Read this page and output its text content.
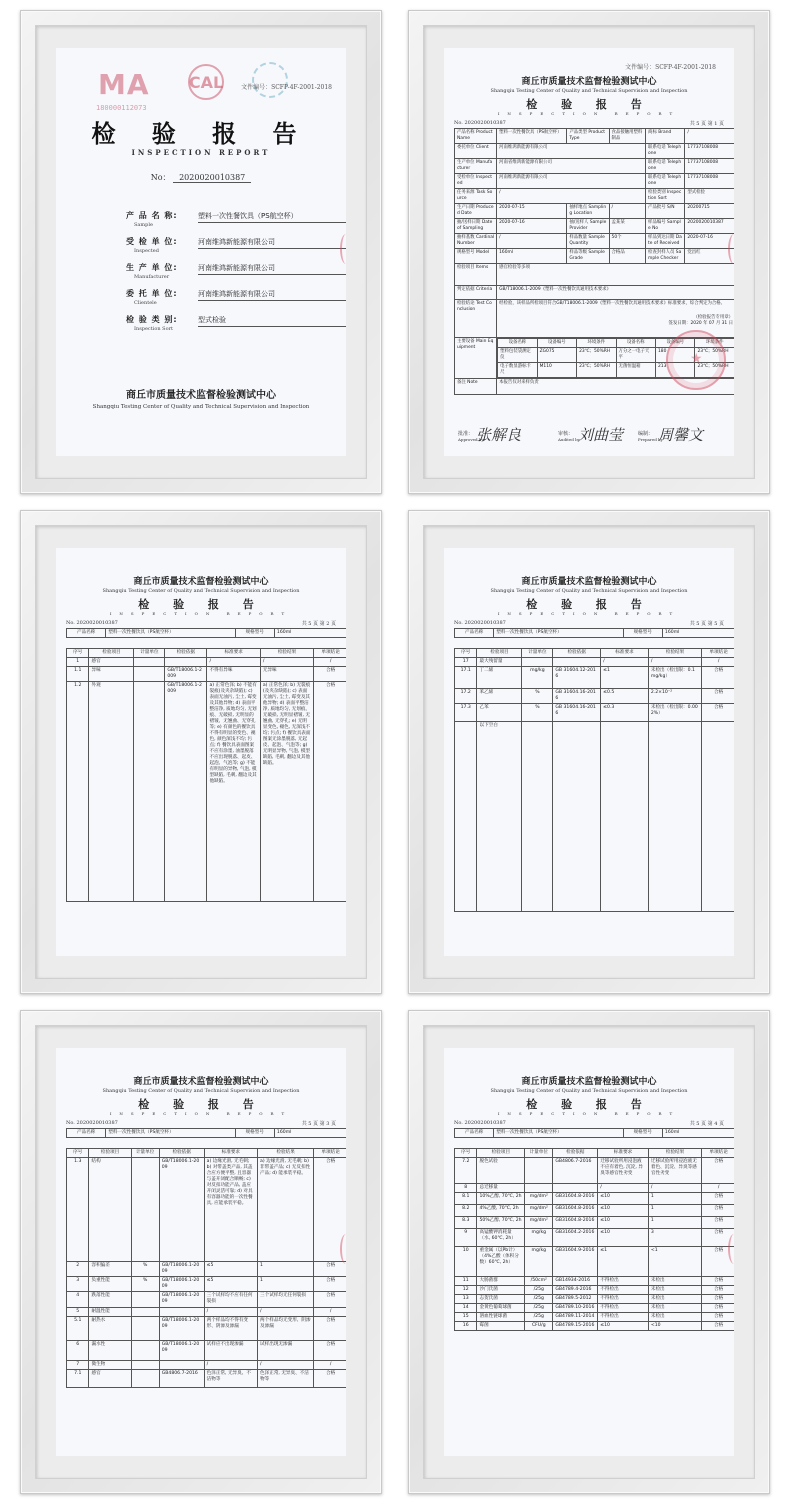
MA
180000112073
CAL	文件编号：SCFP-4F-2001-2018
检 验 报 告
INSPECTION REPORT
No： 2020020010387
产 品 名 称:
Sample
塑料一次性餐饮具（PS航空杯）
受 检 单 位:
Inspected
河南维鸿新能源有限公司
生 产 单 位:
Manufacturer
河南维鸿新能源有限公司
委 托 单 位:
Clientele
河南维鸿新能源有限公司
检 验 类 别:
Inspection Sort
型式检验
商丘市质量技术监督检验测试中心
Shangqiu Testing Center of Quality and Technical Supervision and Inspection
文件编号：SCFP-4F-2001-2018
商丘市质量技术监督检验测试中心
Shangqiu Testing Center of Quality and Technical Supervision and Inspection
检 验 报 告
INSPECTION REPORT
No. 2020020010387	共 5 页 第 1 页
产品名称 Product Name	塑料一次性餐饮具（PS航空杯）	产品类型 Product Type	食品接触用塑料制品	商标 Brand	/
委托单位 Client	河南维鸿新能源有限公司	联系电话 Telephone	17737108008
生产单位 Manufacturer	河南省维鸿新能源有限公司	联系电话 Telephone	17737108008
受检单位 Inspected	河南维鸿新能源有限公司	联系电话 Telephone	17737108008
任务来源 Task Source	/	检验类别 Inspection Sort	型式检验
生产日期 Produced Date	2020-07-15	抽样地点 Sampling Location	/	产品批号 S/N	20200715
抽/送样日期 Date of Sampling	2020-07-16	抽/送样人 Sample Provider	孟某某	样品编号 Sample No	2020020010387
抽样基数 Cardinal Number	/	样品数量 Sample Quantity	50个	样品到达日期 Date of Received	2020-07-16
规格型号 Model	160ml	样品等级 Sample Grade	合格品	检查封样人员 Sample Checker	党昌红
检验项目 Items	感官检验等多项
判定依据 Criteria	GB/T18006.1-2009《塑料一次性餐饮具通用技术要求》
检验结论 Test Conclusion	
经检验，该样品所检项目符合GB/T18006.1-2009《塑料一次性餐饮具通用技术要求》标准要求，综合判定为合格。
（检验报告专用章）
签发日期：2020 年 07 月 31 日

主要设备 Main Equipment	
设备名称	设备编号	环境条件	设备名称	设备编号	环境条件
塑料包装袋测定仪	ZG075	23℃；50%RH	万分之一电子天平	180	23℃；50%RH
电子数显游标卡尺	M110	23℃；50%RH	无菌恒温箱	213	23℃；50%RH

备注 Note	本报告仅对来样负责
★
批准：
Approved by
张解良	审核：
Audited by
刘曲莹	编制：
Prepared by
周馨文
商丘市质量技术监督检验测试中心
Shangqiu Testing Center of Quality and Technical Supervision and Inspection
检 验 报 告
INSPECTION REPORT
No. 2020020010387	共 5 页 第 2 页
产品名称	塑料一次性餐饮具（PS航空杯）	规格型号	160ml
序号	检验项目	计量单位	检验依据	标准要求	检验结果	单项结论
1	感官			/	/	/
1.1	异味		GB/T18006.1-2009	不得有异味	无异味	合格
1.2	外观		GB/T18006.1-2009	a) 正常色泽; b) 不能有裂痕(及夹杂缺陷); c) 表面无油污, 尘土, 霉变及其他异物; d) 表面平整洁净, 质地均匀, 无划痕、无破损, 无明显的褶皱、无翘曲、无穿孔等; e) 有颜色的餐饮具不得有明显的变色、褪色, 颜色深浅不均; 污点; f) 餐饮具表面图案不应有涂墨, 油墨脱落不应出现脱落、起皮、起泡、气泡等; g) 不能有明显的异物, 气泡, 模型缺陷, 毛刺, 翻边及其他缺陷。	a) 正常色泽; b) 无裂痕(及夹杂缺陷); c) 表面无油污, 尘土, 霉变及其他异物; d) 表面平整洁净, 质地均匀, 无划痕、无破损, 无明显褶皱, 无翘曲, 无穿孔; e) 无明显变色, 褪色, 无深浅不均; 污点; f) 餐饮具表面图案无涂墨脱落, 无起皮、起泡、气泡等; g) 无明显异物, 气泡, 模型缺陷, 毛刺, 翻边及其他缺陷。	合格
商丘市质量技术监督检验测试中心
Shangqiu Testing Center of Quality and Technical Supervision and Inspection
检 验 报 告
INSPECTION REPORT
No. 2020020010387	共 5 页 第 5 页
产品名称	塑料一次性餐饮具（PS航空杯）	规格型号	160ml
序号	检验项目	计量单位	检验依据	标准要求	检验结果	单项结论
17	最大残留量			/	/	/
17.1	丁二烯	mg/kg	GB 31604.12-2016	≤1	未检出（检出限：0.1mg/kg）	合格
17.2	苯乙烯	%	GB 31604.16-2016	≤0.5	2.2×10⁻²	合格
17.3	乙苯	%	GB 31604.16-2016	≤0.3	未检出（检出限：0.002%）	合格
	以下空白					
商丘市质量技术监督检验测试中心
Shangqiu Testing Center of Quality and Technical Supervision and Inspection
检 验 报 告
INSPECTION REPORT
No. 2020020010387	共 5 页 第 3 页
产品名称	塑料一次性餐饮具（PS航空杯）	规格型号	160ml
序号	检验项目	计量单位	检验依据	标准要求	检验结果	单项结论
1.3	结构		GB/T18006.1-2009	a) 边缘光滑, 无毛刺; b) 对带盖类产品, 其盖合应方便平整, 且容器与盖开闭配合顺畅; c) 对反扣功能产品, 盖应开闭灵活可靠; d) 对具有容器功能的一次性餐具, 应能承装平稳。	a) 边缘光滑, 无毛刺; b) 非带盖产品; c) 无反扣性产品; d) 能承装平稳。	合格
2	容积偏差	%	GB/T18006.1-2009	≤5	1	合格
3	负重性能	%	GB/T18006.1-2009	≤5	1	合格
4	跌落性能		GB/T18006.1-2009	三个试样均不应有任何裂损	三个试样均无任何裂损	合格
5	耐温性能			/	/	/
5.1	耐热水		GB/T18006.1-2009	两个样品均不得有变形、阴渗及渗漏	两个样品均无变形、阴渗及渗漏	合格
6	漏水性		GB/T18006.1-2009	试样应不出现渗漏	试样出现无渗漏	合格
7	微生物			/	/	/
7.1	感官		GB4806.7-2016	色泽正常, 无异臭、不洁物等	色泽正常, 无异臭、不洁物等	合格
商丘市质量技术监督检验测试中心
Shangqiu Testing Center of Quality and Technical Supervision and Inspection
检 验 报 告
INSPECTION REPORT
No. 2020020010387	共 5 页 第 4 页
产品名称	塑料一次性餐饮具（PS航空杯）	规格型号	160ml
序号	检验项目	计量单位	检验依据	标准要求	检验结果	单项结论
7.2	脱色试验		GB4806.7-2016	迁移试验所用浸泡液不应有着色, 沉淀, 异臭等感官性劣变	迁移试验所用浸泡液无着色、沉淀、异臭等感官性劣变	合格
8	总迁移量			/	/	/
8.1	10%乙醇, 70℃, 2h	mg/dm²	GB31604.8-2016	≤10	1	合格
8.2	4%乙酸, 70℃, 2h	mg/dm²	GB31604.8-2016	≤10	1	合格
8.3	50%乙醇, 70℃, 2h	mg/dm²	GB31604.8-2016	≤10	1	合格
9	高锰酸钾消耗量（水, 60℃, 2h）	mg/kg	GB31604.2-2016	≤10	3	合格
10	重金属（以Pb计）（4%乙酸（体积分数）60℃, 2h）	mg/kg	GB31604.9-2016	≤1	<1	合格
11	大肠菌群	/50cm²	GB14934-2016	不得检出	未检出	合格
12	沙门氏菌	/25g	GB4789.4-2016	不得检出	未检出	合格
13	志贺氏菌	/25g	GB4789.5-2012	不得检出	未检出	合格
14	金黄色葡萄球菌	/25g	GB4789.10-2016	不得检出	未检出	合格
15	溶血性链球菌	/25g	GB4789.11-2014	不得检出	未检出	合格
16	霉菌	CFU/g	GB4789.15-2016	≤10	<10	合格
